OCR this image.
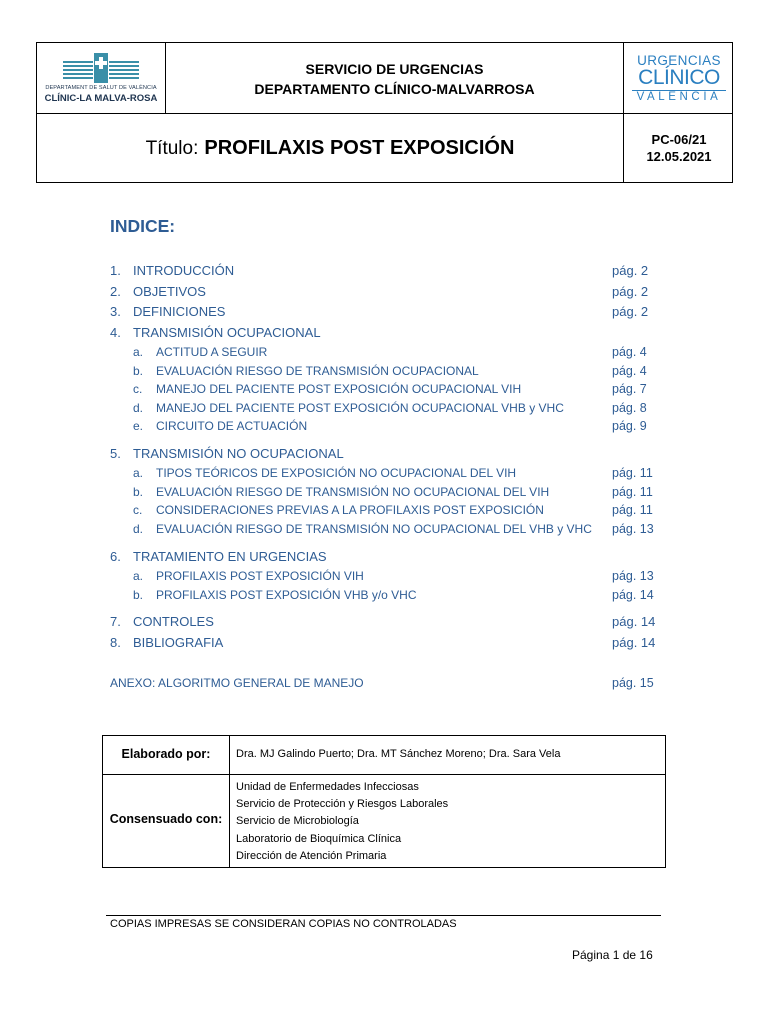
DEPARTAMENT DE SALUT DE VALÈNCIA
CLÍNIC-LA MALVA-ROSA
SERVICIO DE URGENCIAS
DEPARTAMENTO CLÍNICO-MALVARROSA
URGENCIAS
CLÍNICO
VALENCIA
Título: PROFILAXIS POST EXPOSICIÓN	PC-06/21
12.05.2021
INDICE:
1. INTRODUCCIÓN	pág. 2
2. OBJETIVOS	pág. 2
3. DEFINICIONES	pág. 2
4. TRANSMISIÓN OCUPACIONAL
a. ACTITUD A SEGUIR	pág. 4
b. EVALUACIÓN RIESGO DE TRANSMISIÓN OCUPACIONAL	pág. 4
c. MANEJO DEL PACIENTE POST EXPOSICIÓN OCUPACIONAL VIH	pág. 7
d. MANEJO DEL PACIENTE POST EXPOSICIÓN OCUPACIONAL VHB y VHC	pág. 8
e. CIRCUITO DE ACTUACIÓN	pág. 9
5. TRANSMISIÓN NO OCUPACIONAL
a. TIPOS TEÓRICOS DE EXPOSICIÓN NO OCUPACIONAL DEL VIH	pág. 11
b. EVALUACIÓN RIESGO DE TRANSMISIÓN NO OCUPACIONAL DEL VIH	pág. 11
c. CONSIDERACIONES PREVIAS A LA PROFILAXIS POST EXPOSICIÓN	pág. 11
d. EVALUACIÓN RIESGO DE TRANSMISIÓN NO OCUPACIONAL DEL VHB y VHC pág. 13
6. TRATAMIENTO EN URGENCIAS
a. PROFILAXIS POST EXPOSICIÓN VIH	pág. 13
b. PROFILAXIS POST EXPOSICIÓN VHB y/o VHC	pág. 14
7. CONTROLES	pág. 14
8. BIBLIOGRAFIA	pág. 14
ANEXO: ALGORITMO GENERAL DE MANEJO	pág. 15
Elaborado por:	Dra. MJ Galindo Puerto; Dra. MT Sánchez Moreno; Dra. Sara Vela
Consensuado con:
Unidad de Enfermedades Infecciosas
Servicio de Protección y Riesgos Laborales
Servicio de Microbiología
Laboratorio de Bioquímica Clínica
Dirección de Atención Primaria
COPIAS IMPRESAS SE CONSIDERAN COPIAS NO CONTROLADAS
Página 1 de 16
